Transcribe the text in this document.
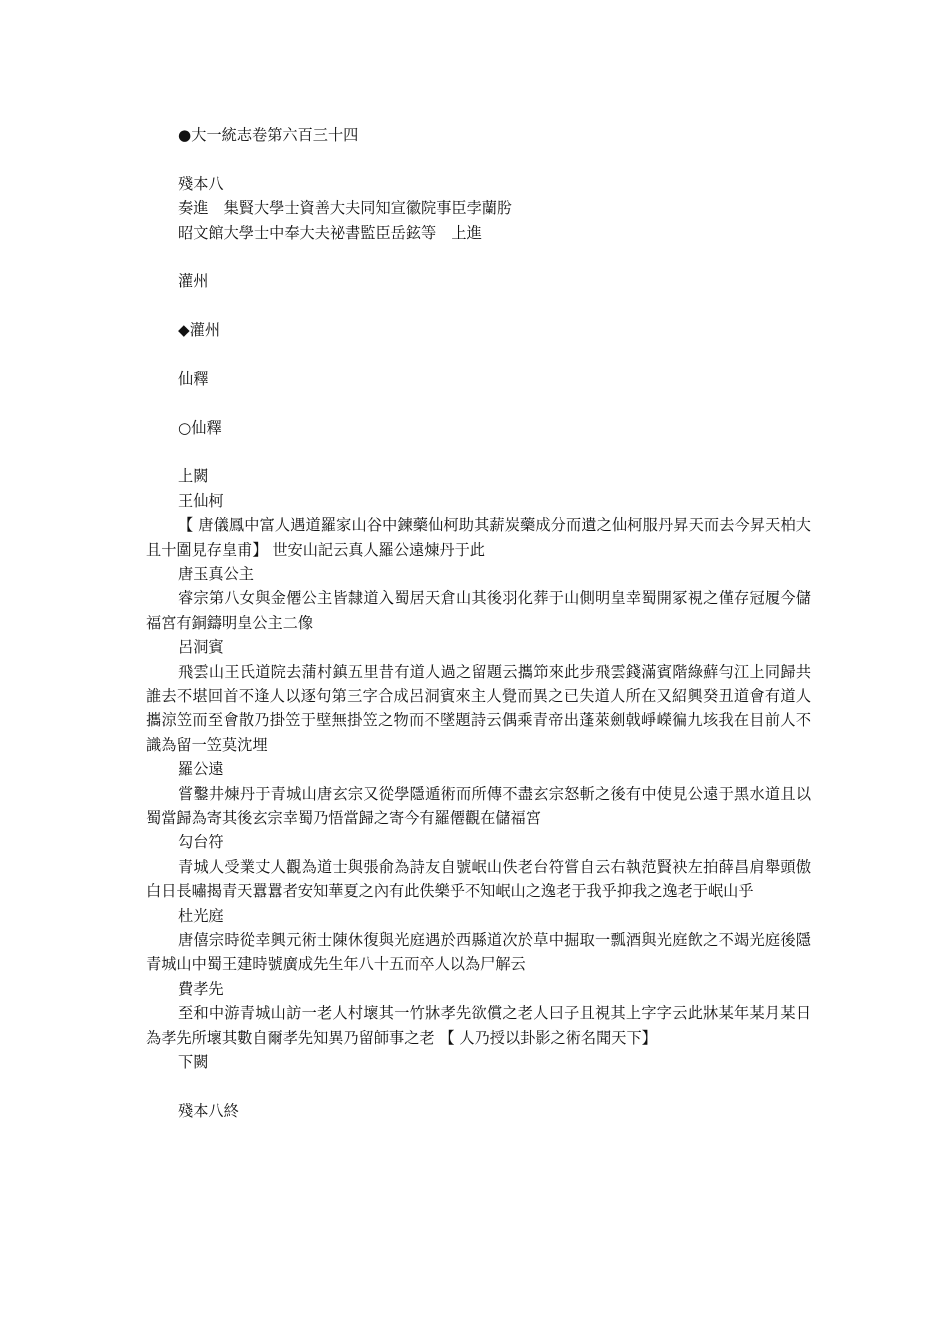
●大一統志卷第六百三十四

殘本八

奏進　集賢大學士資善大夫同知宣徽院事臣孛蘭肹

昭文館大學士中奉大夫祕書監臣岳鉉等　上進

灌州

◆灌州

仙釋

○仙釋

上闕

王仙柯

【 唐儀鳳中富人遇道羅家山谷中鍊藥仙柯助其薪炭藥成分而遺之仙柯服丹昇天而去今昇天柏大且十圍見存皇甫】 世安山記云真人羅公遠煉丹于此

唐玉真公主

睿宗第八女與金僊公主皆隸道入蜀居天倉山其後羽化葬于山側明皇幸蜀開冢視之僅存冠履今儲福宮有銅鑄明皇公主二像

呂洞賓

飛雲山王氏道院去蒲村鎮五里昔有道人過之留題云攜笻來此步飛雲錢滿賓階綠蘚勻江上同歸共誰去不堪回首不逢人以逐句第三字合成呂洞賓來主人覺而異之已失道人所在又紹興癸丑道會有道人攜涼笠而至會散乃掛笠于壁無掛笠之物而不墜題詩云偶乘青帝出蓬萊劍戟崢嶸徧九垓我在目前人不識為留一笠莫沈埋

羅公遠

嘗鑿井煉丹于青城山唐玄宗又從學隱遁術而所傳不盡玄宗怒斬之後有中使見公遠于黑水道且以蜀當歸為寄其後玄宗幸蜀乃悟當歸之寄今有羅僊觀在儲福宮

勾台符

青城人受業丈人觀為道士與張俞為詩友自號岷山佚老台符嘗自云右執范賢袂左拍薛昌肩舉頭傲白日長嘯揭青天囂囂者安知華夏之內有此佚樂乎不知岷山之逸老于我乎抑我之逸老于岷山乎

杜光庭

唐僖宗時從幸興元術士陳休復與光庭遇於西縣道次於草中掘取一瓢酒與光庭飲之不竭光庭後隱青城山中蜀王建時號廣成先生年八十五而卒人以為尸解云

費孝先

至和中游青城山訪一老人村壞其一竹牀孝先欲償之老人曰子且視其上字字云此牀某年某月某日為孝先所壞其數自爾孝先知異乃留師事之老 【 人乃授以卦影之術名聞天下】

下闕

殘本八終
